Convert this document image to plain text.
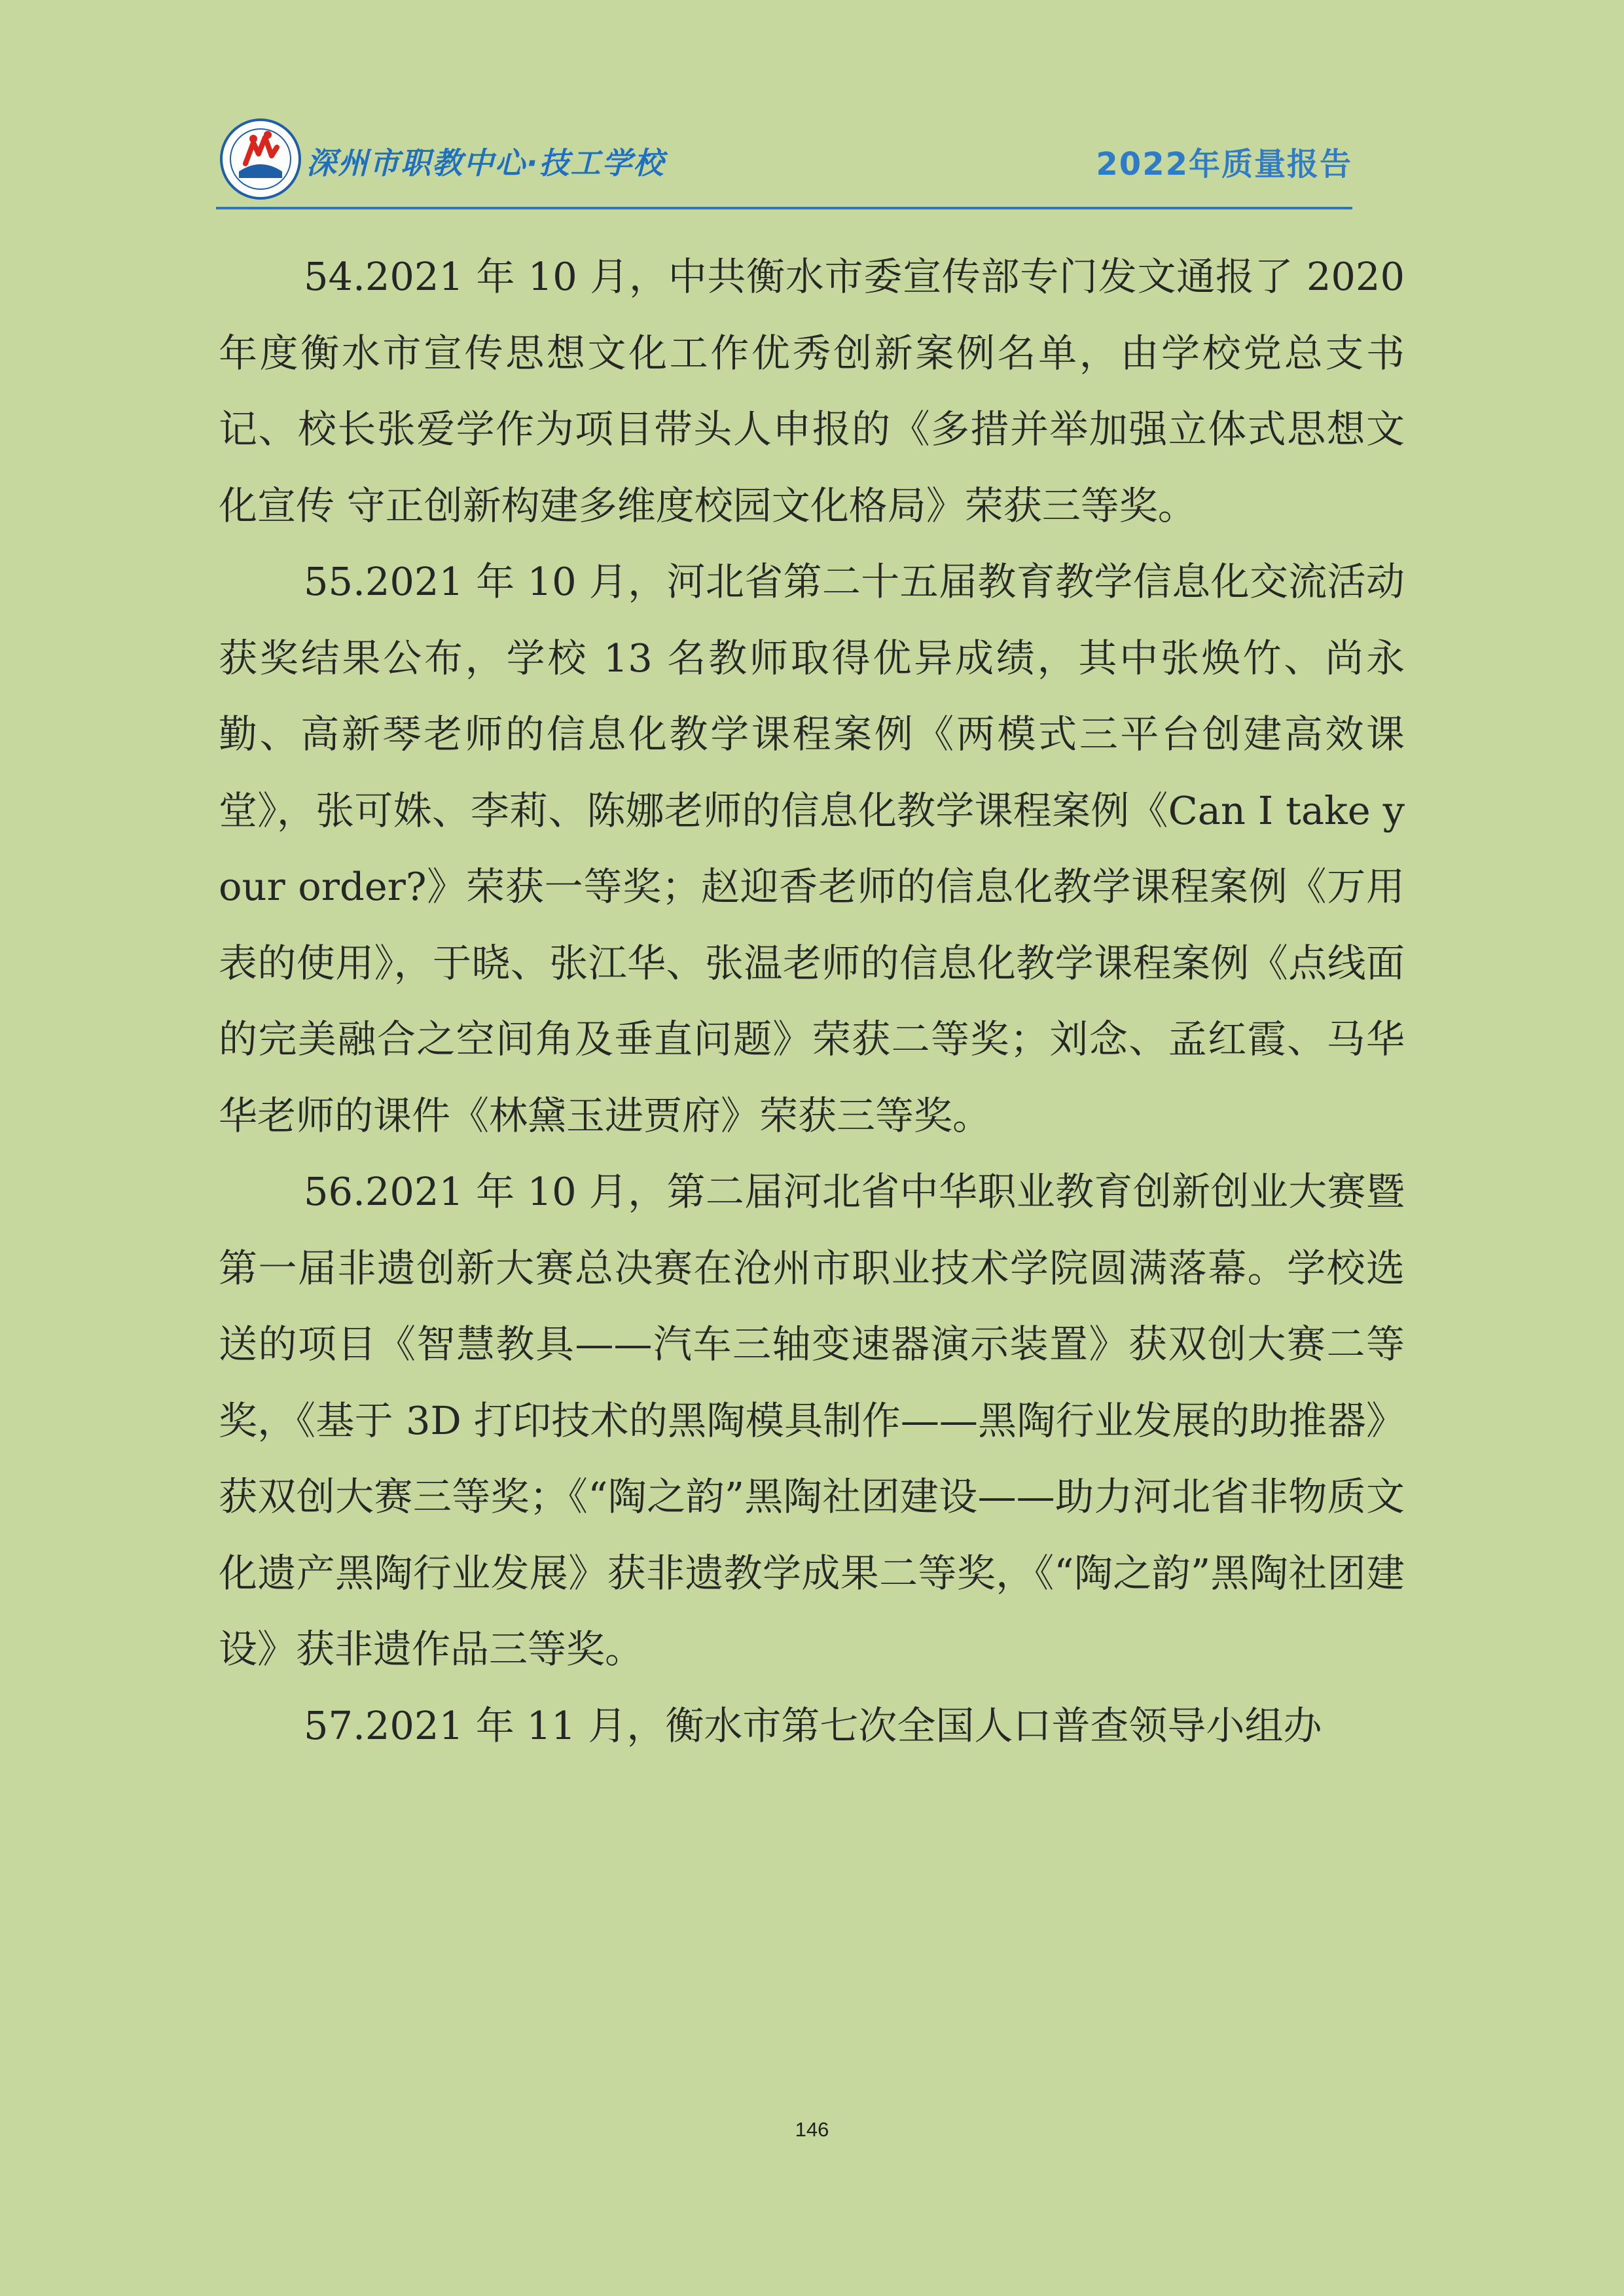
深州市职教中心·技工学校	2022年质量报告

54.2021 年 10 月，中共衡水市委宣传部专门发文通报了 2020 年度衡水市宣传思想文化工作优秀创新案例名单，由学校党总支书记、校长张爱学作为项目带头人申报的《多措并举加强立体式思想文化宣传 守正创新构建多维度校园文化格局》荣获三等奖。

55.2021 年 10 月，河北省第二十五届教育教学信息化交流活动获奖结果公布，学校 13 名教师取得优异成绩，其中张焕竹、尚永勤、高新琴老师的信息化教学课程案例《两模式三平台创建高效课堂》，张可姝、李莉、陈娜老师的信息化教学课程案例《Can I take your order?》荣获一等奖；赵迎香老师的信息化教学课程案例《万用表的使用》，于晓、张江华、张温老师的信息化教学课程案例《点线面的完美融合之空间角及垂直问题》荣获二等奖；刘念、孟红霞、马华华老师的课件《林黛玉进贾府》荣获三等奖。

56.2021 年 10 月，第二届河北省中华职业教育创新创业大赛暨第一届非遗创新大赛总决赛在沧州市职业技术学院圆满落幕。学校选送的项目《智慧教具——汽车三轴变速器演示装置》获双创大赛二等奖，《基于 3D 打印技术的黑陶模具制作——黑陶行业发展的助推器》获双创大赛三等奖；《“陶之韵”黑陶社团建设——助力河北省非物质文化遗产黑陶行业发展》获非遗教学成果二等奖，《“陶之韵”黑陶社团建设》获非遗作品三等奖。

57.2021 年 11 月，衡水市第七次全国人口普查领导小组办

146
